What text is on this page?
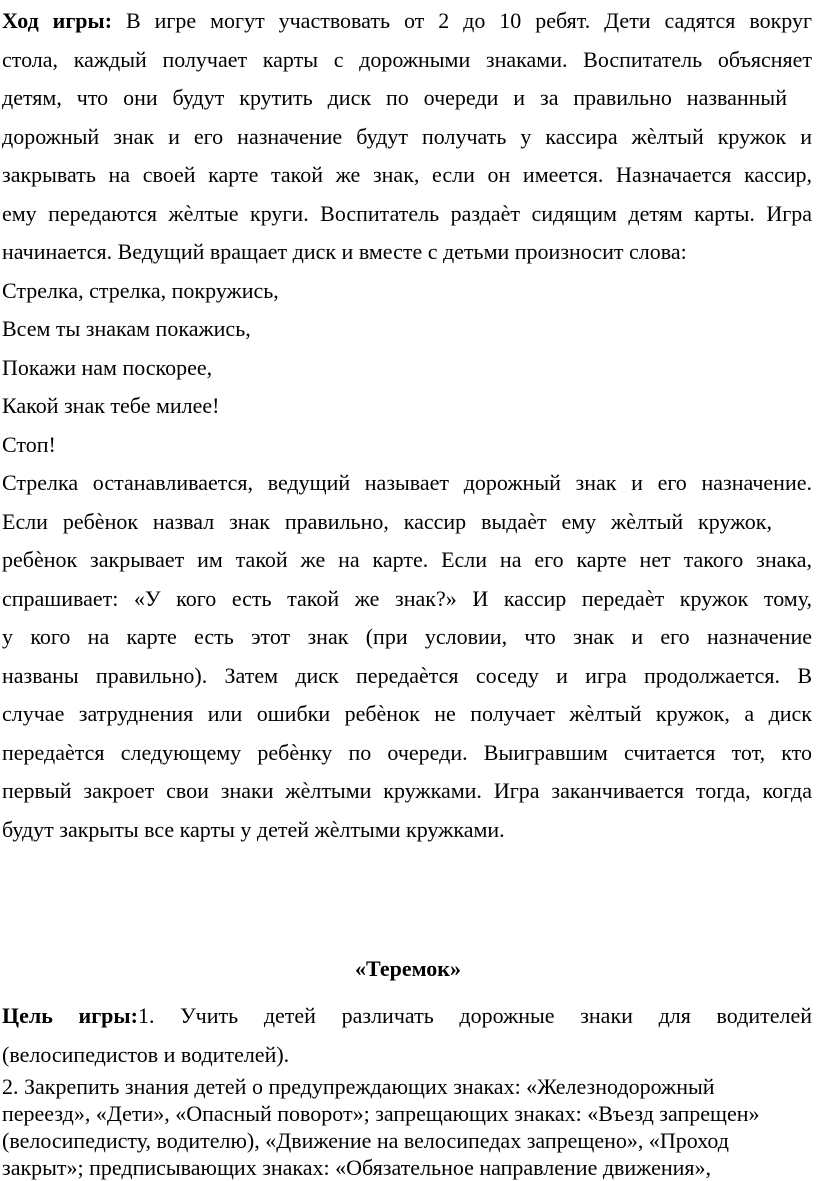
Ход игры: В игре могут участвовать от 2 до 10 ребят. Дети садятся вокруг
стола, каждый получает карты с дорожными знаками. Воспитатель объясняет
детям, что они будут крутить диск по очереди и за правильно названный
дорожный знак и его назначение будут получать у кассира жѐлтый кружок и
закрывать на своей карте такой же знак, если он имеется. Назначается кассир,
ему передаются жѐлтые круги. Воспитатель раздаѐт сидящим детям карты. Игра
начинается. Ведущий вращает диск и вместе с детьми произносит слова:
Стрелка, стрелка, покружись,
Всем ты знакам покажись,
Покажи нам поскорее,
Какой знак тебе милее!
Стоп!
Стрелка останавливается, ведущий называет дорожный знак и его назначение.
Если ребѐнок назвал знак правильно, кассир выдаѐт ему жѐлтый кружок,
ребѐнок закрывает им такой же на карте. Если на его карте нет такого знака,
спрашивает: «У кого есть такой же знак?» И кассир передаѐт кружок тому,
у кого на карте есть этот знак (при условии, что знак и его назначение
названы правильно). Затем диск передаѐтся соседу и игра продолжается. В
случае затруднения или ошибки ребѐнок не получает жѐлтый кружок, а диск
передаѐтся следующему ребѐнку по очереди. Выигравшим считается тот, кто
первый закроет свои знаки жѐлтыми кружками. Игра заканчивается тогда, когда
будут закрыты все карты у детей жѐлтыми кружками.
«Теремок»
Цель игры:1. Учить детей различать дорожные знаки для водителей
(велосипедистов и водителей).
2. Закрепить знания детей о предупреждающих знаках: «Железнодорожный
переезд», «Дети», «Опасный поворот»; запрещающих знаках: «Въезд запрещен»
(велосипедисту, водителю), «Движение на велосипедах запрещено», «Проход
закрыт»; предписывающих знаках: «Обязательное направление движения»,
